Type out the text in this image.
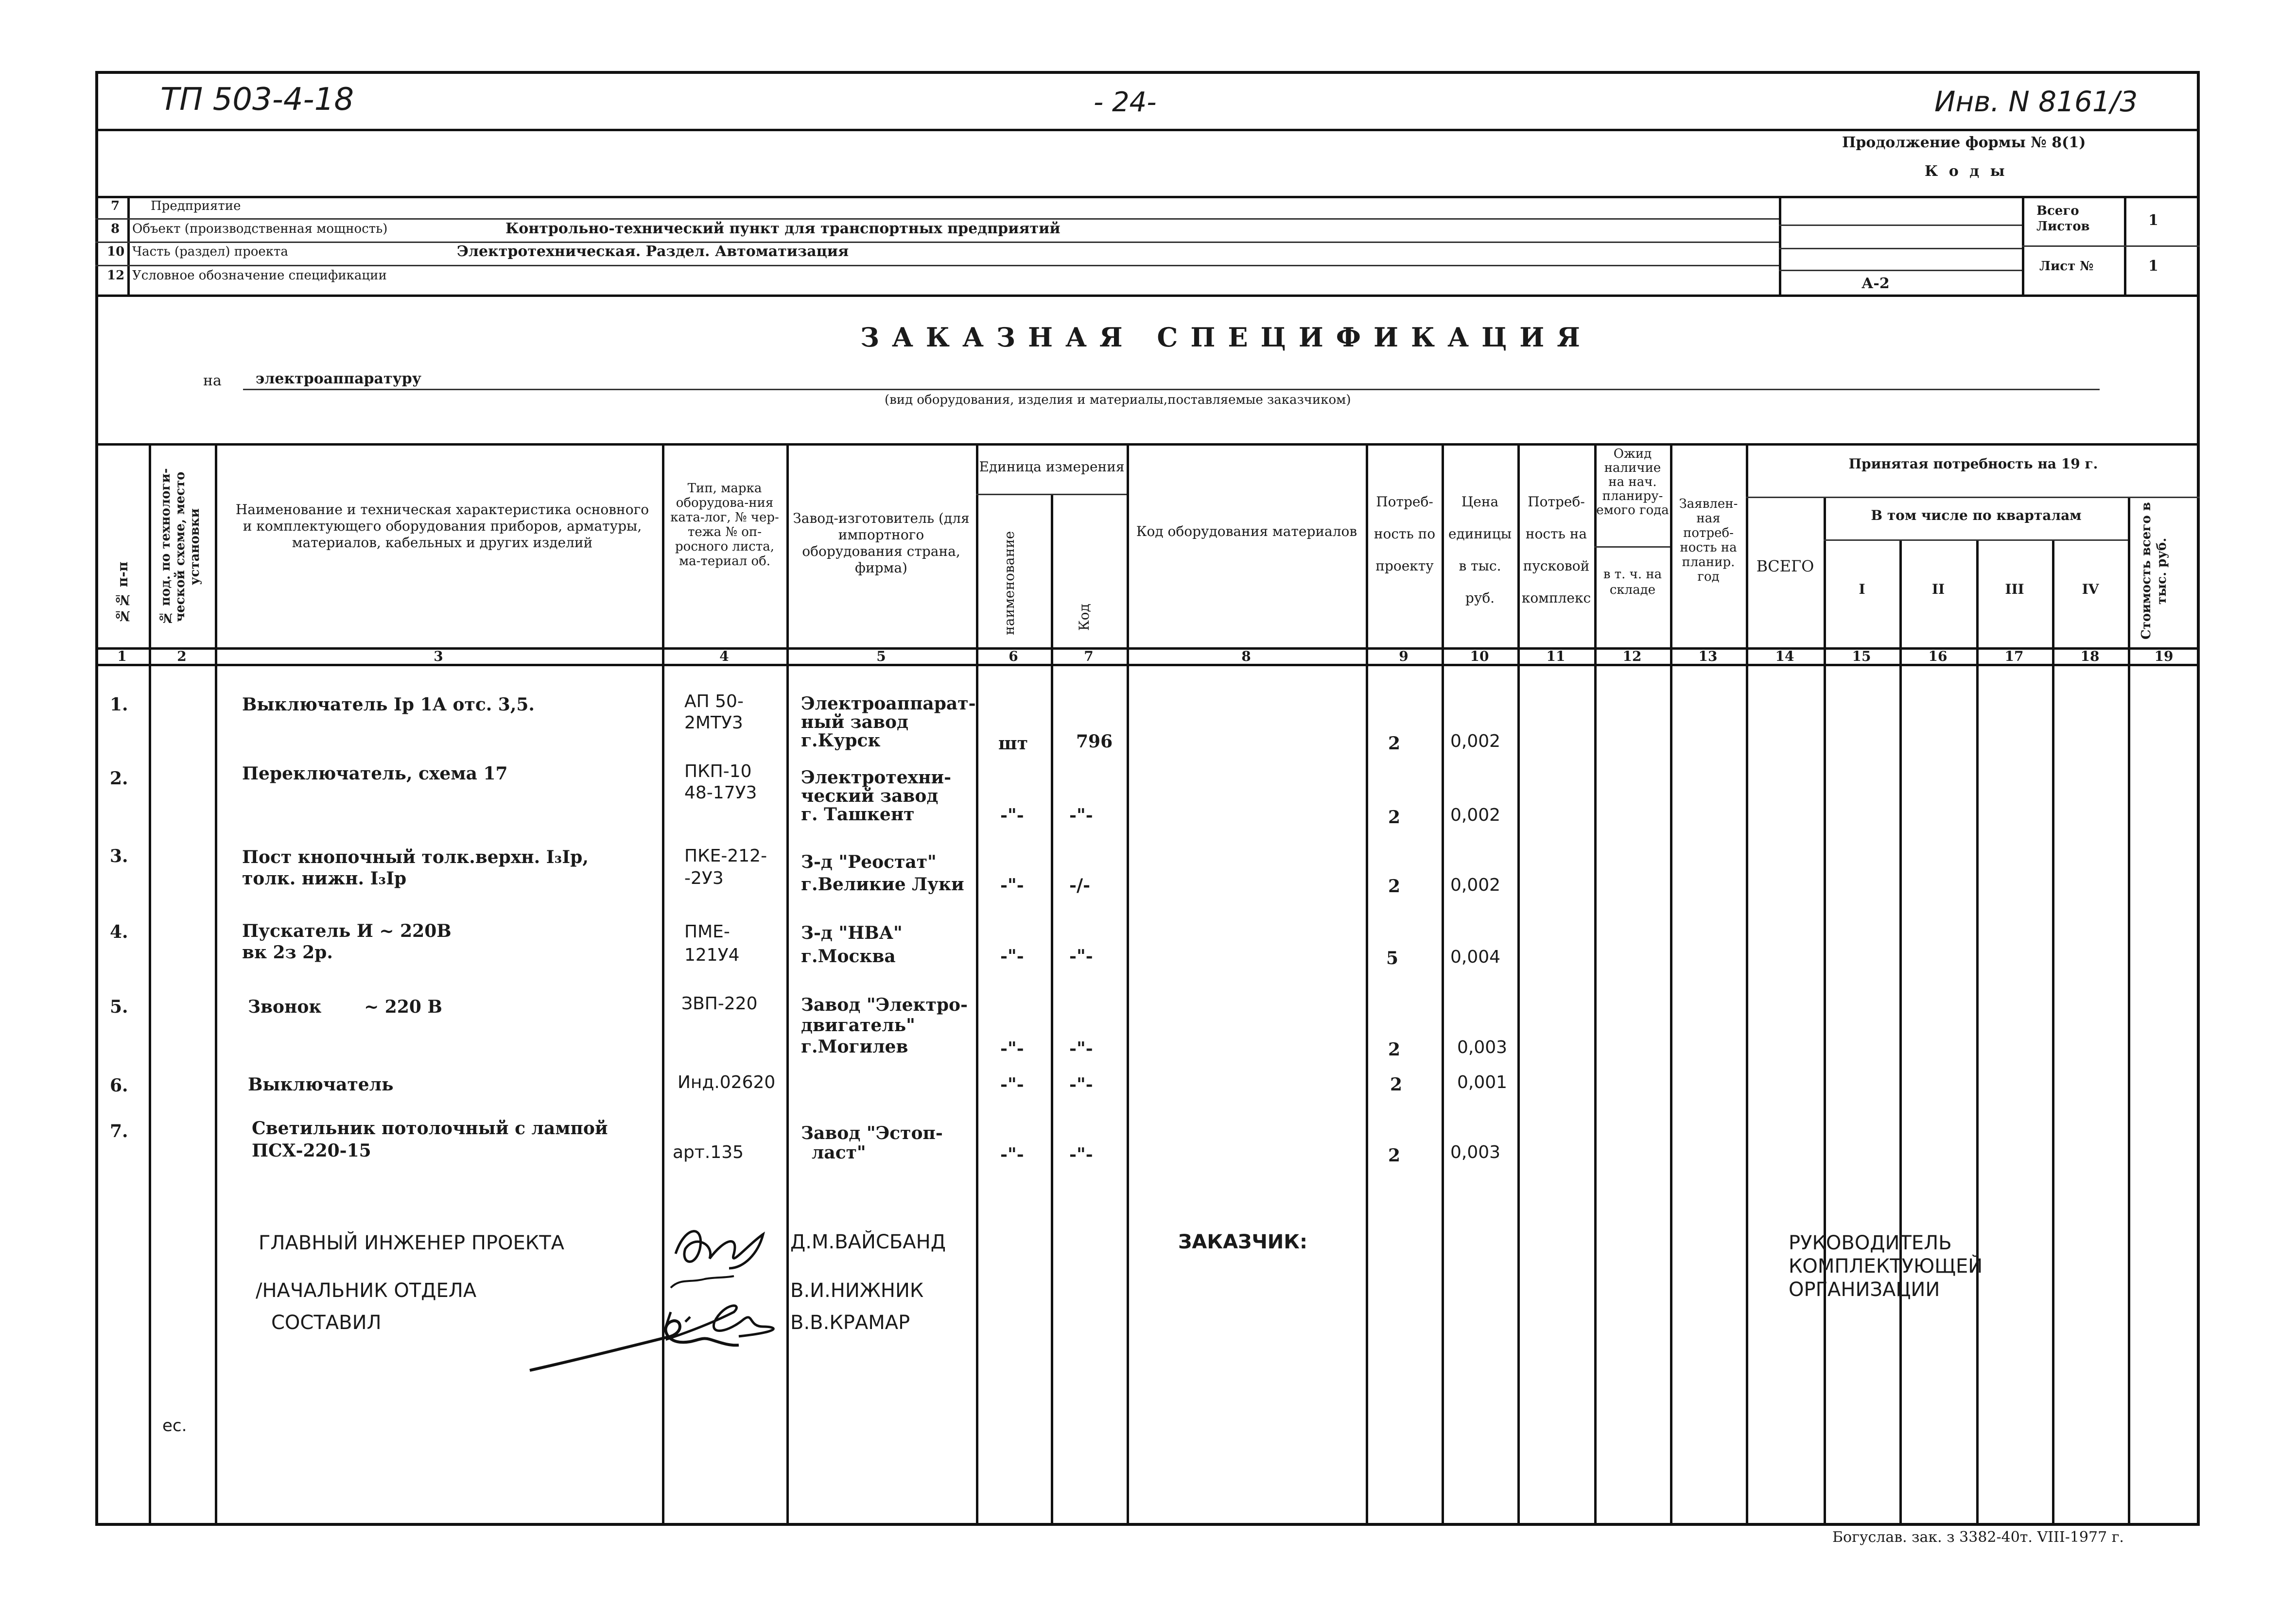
ТП 503-4-18	- 24-	Инв. N 8161/3
Продолжение формы № 8(1)
К о д ы
7 Предприятие
8 Объект (производственная мощность)	Контрольно-технический пункт для транспортных предприятий
10 Часть (раздел) проекта	Электротехническая. Раздел. Автоматизация
12 Условное обозначение спецификации
Всего Листов	1
Лист №	1
А-2
ЗАКАЗНАЯ СПЕЦИФИКАЦИЯ
на электроаппаратуру
(вид оборудования, изделия и материалы,поставляемые заказчиком)
№№ п-п № под. по технологи-ческой схеме, место установки	Наименование и техническая характеристика основного и комплектующего оборудования приборов, арматуры, материалов, кабельных и других изделий
Тип, марка оборудова-ния ката-лог, № чер-тежа № оп-росного листа, ма-териал об.
Завод-изготовитель (для импортного оборудования страна, фирма)
Единица измерения
наименование	Код
Код оборудования материалов
Потреб-ность по проекту
Цена единицы в тыс. руб.
Потреб-ность на пусковой комплекс
Ожид наличие на нач. планиру-емого года
в т. ч. на складе
Заявлен-ная потреб-ность на планир. год
Принятая потребность на 19 г.
В том числе по кварталам
ВСЕГО
I	II	III	IV	Стоимость всего в тыс. руб.
1	2	3	4	5	6	7	8	9	10	11	12	13	14	15	16	17	18	19
1.	Выключатель Iр 1А отс. 3,5.	АП 50-
2МТУ3
Электроаппарат-
ный завод
г.Курск	шт	796	2	0,002
2.	Переключатель, схема 17	ПКП-10
48-17У3
Электротехни-
ческий завод
г. Ташкент	-"-	-"-	2	0,002
3.	Пост кнопочный толк.верхн. I₃Iр,
толк. нижн. I₃Iр
ПКЕ-212-
-2У3
З-д "Реостат"
г.Великие Луки -"-	-/-	2	0,002
4.	Пускатель И ~ 220В
вк 2з 2р.
ПМЕ-
121У4
З-д "НВА"
г.Москва	-"-	-"-	5	0,004
5.	Звонок       ~ 220 В	ЗВП-220 Завод "Электро-
двигатель"
г.Могилев	-"-	-"-	2	0,003
6.	Выключатель	Инд.02620	-"-	-"-	2	0,001
7.	Светильник потолочный с лампой
ПСХ-220-15	арт.135
Завод "Эстоп-
ласт"	-"-	-"-	2	0,003
ГЛАВНЫЙ ИНЖЕНЕР ПРОЕКТА	Д.М.ВАЙСБАНД
/НАЧАЛЬНИК ОТДЕЛА	В.И.НИЖНИК
СОСТАВИЛ	В.В.КРАМАР
ЗАКАЗЧИК:	РУКОВОДИТЕЛЬ
КОМПЛЕКТУЮЩЕЙ
ОРГАНИЗАЦИИ
ес.
Богуслав. зак. з 3382-40т. VIII-1977 г.
